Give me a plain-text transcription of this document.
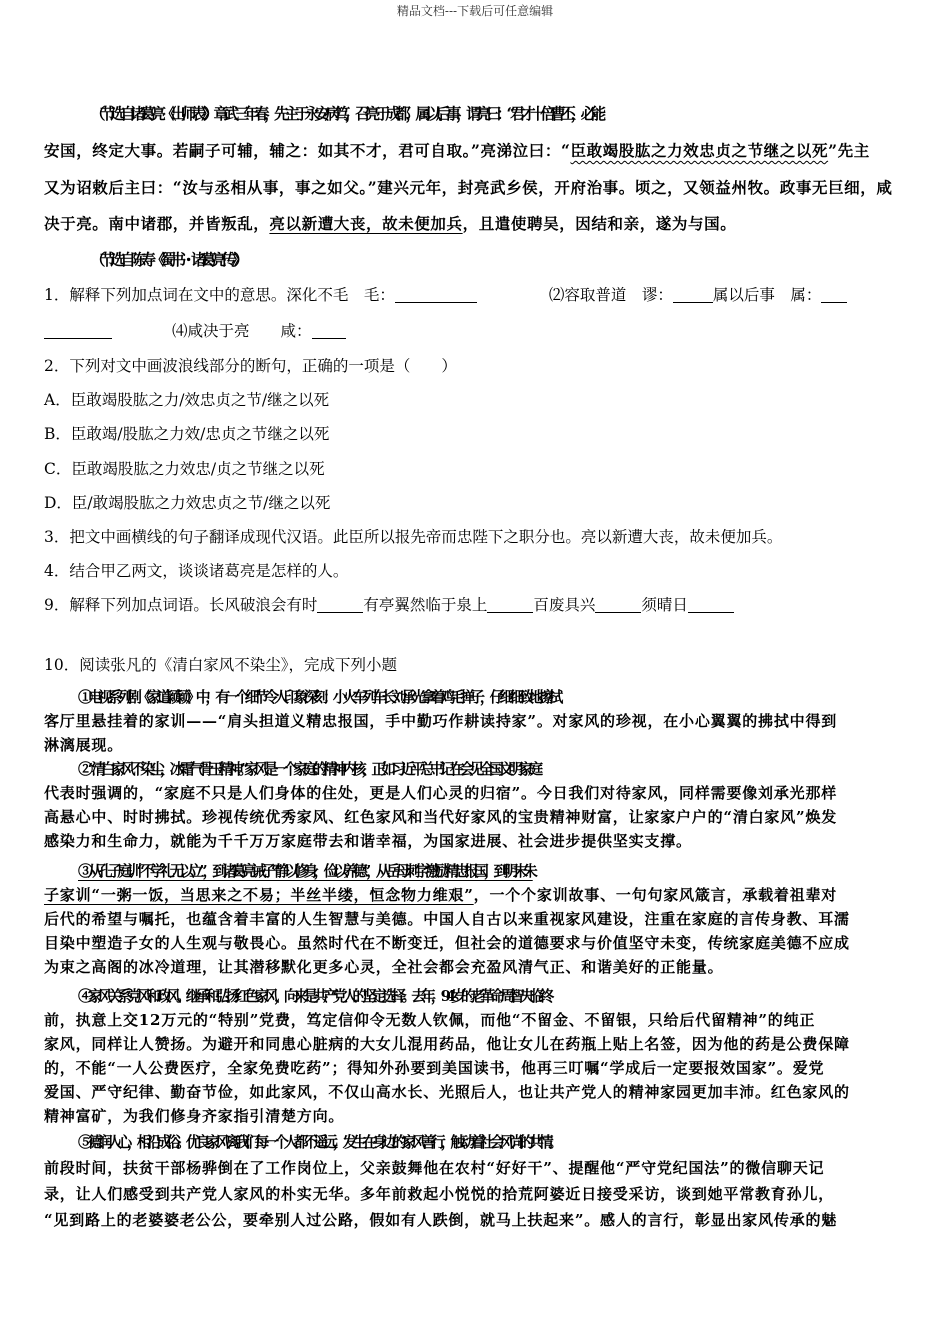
精品文档---下载后可任意编辑
（节选自诸葛亮《出师表》）章武三年春，先主于永安病笃，召亮于成都，属以后事，谓亮曰：“君才十倍曹丕，必能
安国，终定大事。若嗣子可辅，辅之：如其不才，君可自取。”亮涕泣曰：“臣敢竭股肱之力效忠贞之节继之以死”先主
又为诏敕后主曰：“汝与丞相从事，事之如父。”建兴元年，封亮武乡侯，开府治事。顷之，又领益州牧。政事无巨细，咸
决于亮。南中诸郡，并皆叛乱，亮以新遭大丧，故未便加兵，且遣使聘吴，因结和亲，遂为与国。
（节选自陈寿《蜀书・诸葛亮传》）
1．解释下列加点词在文中的意思。深化不毛　毛：	⑵容取普道　谬：	属以后事　属：
⑷咸决于亮　　咸：
2．下列对文中画波浪线部分的断句，正确的一项是（　　）
A．臣敢竭股肱之力/效忠贞之节/继之以死
B．臣敢竭/股肱之力效/忠贞之节继之以死
C．臣敢竭股肱之力效忠/贞之节继之以死
D．臣/敢竭股肱之力效忠贞之节/继之以死
3．把文中画横线的句子翻译成现代汉语。此臣所以报先帝而忠陛下之职分也。亮以新遭大丧，故未便加兵。
4．结合甲乙两文，谈谈诸葛亮是怎样的人。
9．解释下列加点词语。长风破浪会有时	有亭翼然临于泉上	百废具兴	须晴日
10．阅读张凡的《清白家风不染尘》，完成下列小题
①电视系列剧《家道颖颖》中，有一个细节令人印象深刻：小火车列车长刘承光拿着鸡毛掸子，仔细细致地擦拭
客厅里悬挂着的家训——“肩头担道义精忠报国，手中勤巧作耕读持家”。对家风的珍视，在小心翼翼的拂拭中得到
淋漓展现。
②“清白家风不染尘，冰霜气骨玉精神。”家风是一个家庭的精神内核，正如习近平总书记在会见全国文明家庭
代表时强调的，“家庭不只是人们身体的住处，更是人们心灵的归宿”。今日我们对待家风，同样需要像刘承光那样
高悬心中、时时拂拭。珍视传统优秀家风、红色家风和当代好家风的宝贵精神财富，让家家户户的“清白家风”焕发
感染力和生命力，就能为千千万万家庭带去和谐幸福，为国家进展、社会进步提供坚实支撑。
③从孔子庭训“不学礼无以立”，到诸葛亮诫子“静以修身，俭以养德”，从岳母刺字激励精忠报国，到明末朱
子家训“一粥一饭，当思来之不易；半丝半缕，恒念物力维艰”，一个个家训故事、一句句家风箴言，承载着祖辈对
后代的希望与嘱托，也蕴含着丰富的人生智慧与美德。中国人自古以来重视家风建设，注重在家庭的言传身教、耳濡
目染中塑造子女的人生观与敬畏心。虽然时代在不断变迁，但社会的道德要求与价值坚守未变，传统家庭美德不应成
为束之高阁的冰冷道理，让其潜移默化更多心灵，全社会都会充盈风清气正、和谐美好的正能量。
④家风关系党风和政风。继承和弘扬红色家风，向来是共产党人的坚定选择。去年，94岁的老革命周智夫临终
前，执意上交12万元的“特别”党费，笃定信仰令无数人钦佩，而他“不留金、不留银，只给后代留精神”的纯正
家风，同样让人赞扬。为避开和同患心脏病的大女儿混用药品，他让女儿在药瓶上贴上名签，因为他的药是公费保障
的，不能“一人公费医疗，全家免费吃药”；得知外孙要到美国读书，他再三叮嘱“学成后一定要报效国家”。爱党
爱国、严守纪律、勤奋节俭，如此家风，不仅山高水长、光照后人，也让共产党人的精神家园更加丰沛。红色家风的
精神富矿，为我们修身齐家指引清楚方向。
⑤德润人心，相沿成俗。优良家风离我们每一个人都不遥远，发生在身边的家风善行，触动着社会风尚的共情。
前段时间，扶贫干部杨骅倒在了工作岗位上，父亲鼓舞他在农村“好好干”、提醒他“严守党纪国法”的微信聊天记
录，让人们感受到共产党人家风的朴实无华。多年前救起小悦悦的拾荒阿婆近日接受采访，谈到她平常教育孙儿，
“见到路上的老婆婆老公公，要牵别人过公路，假如有人跌倒，就马上扶起来”。感人的言行，彰显出家风传承的魅
